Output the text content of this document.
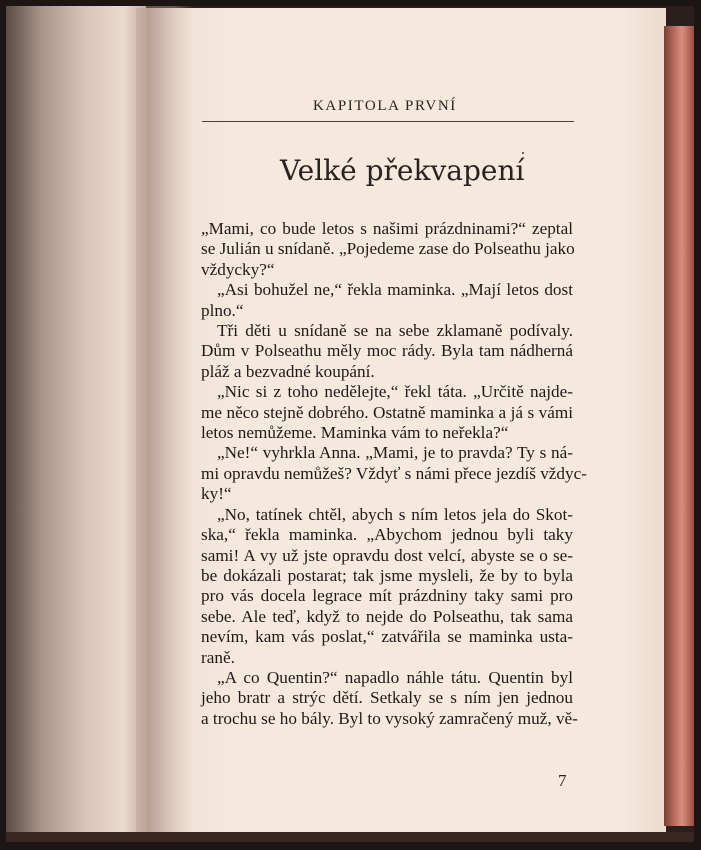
KAPITOLA PRVNÍ
Velké překvapení
„Mami, co bude letos s našimi prázdninami?“ zeptal
se Julián u snídaně. „Pojedeme zase do Polseathu jako
vždycky?“
„Asi bohužel ne,“ řekla maminka. „Mají letos dost
plno.“
Tři děti u snídaně se na sebe zklamaně podívaly.
Dům v Polseathu měly moc rády. Byla tam nádherná
pláž a bezvadné koupání.
„Nic si z toho nedělejte,“ řekl táta. „Určitě najde-
me něco stejně dobrého. Ostatně maminka a já s vámi
letos nemůžeme. Maminka vám to neřekla?“
„Ne!“ vyhrkla Anna. „Mami, je to pravda? Ty s ná-
mi opravdu nemůžeš? Vždyť s námi přece jezdíš vždyc-
ky!“
„No, tatínek chtěl, abych s ním letos jela do Skot-
ska,“ řekla maminka. „Abychom jednou byli taky
sami! A vy už jste opravdu dost velcí, abyste se o se-
be dokázali postarat; tak jsme mysleli, že by to byla
pro vás docela legrace mít prázdniny taky sami pro
sebe. Ale teď, když to nejde do Polseathu, tak sama
nevím, kam vás poslat,“ zatvářila se maminka usta-
raně.
„A co Quentin?“ napadlo náhle tátu. Quentin byl
jeho bratr a strýc dětí. Setkaly se s ním jen jednou
a trochu se ho bály. Byl to vysoký zamračený muž, vě-
7
